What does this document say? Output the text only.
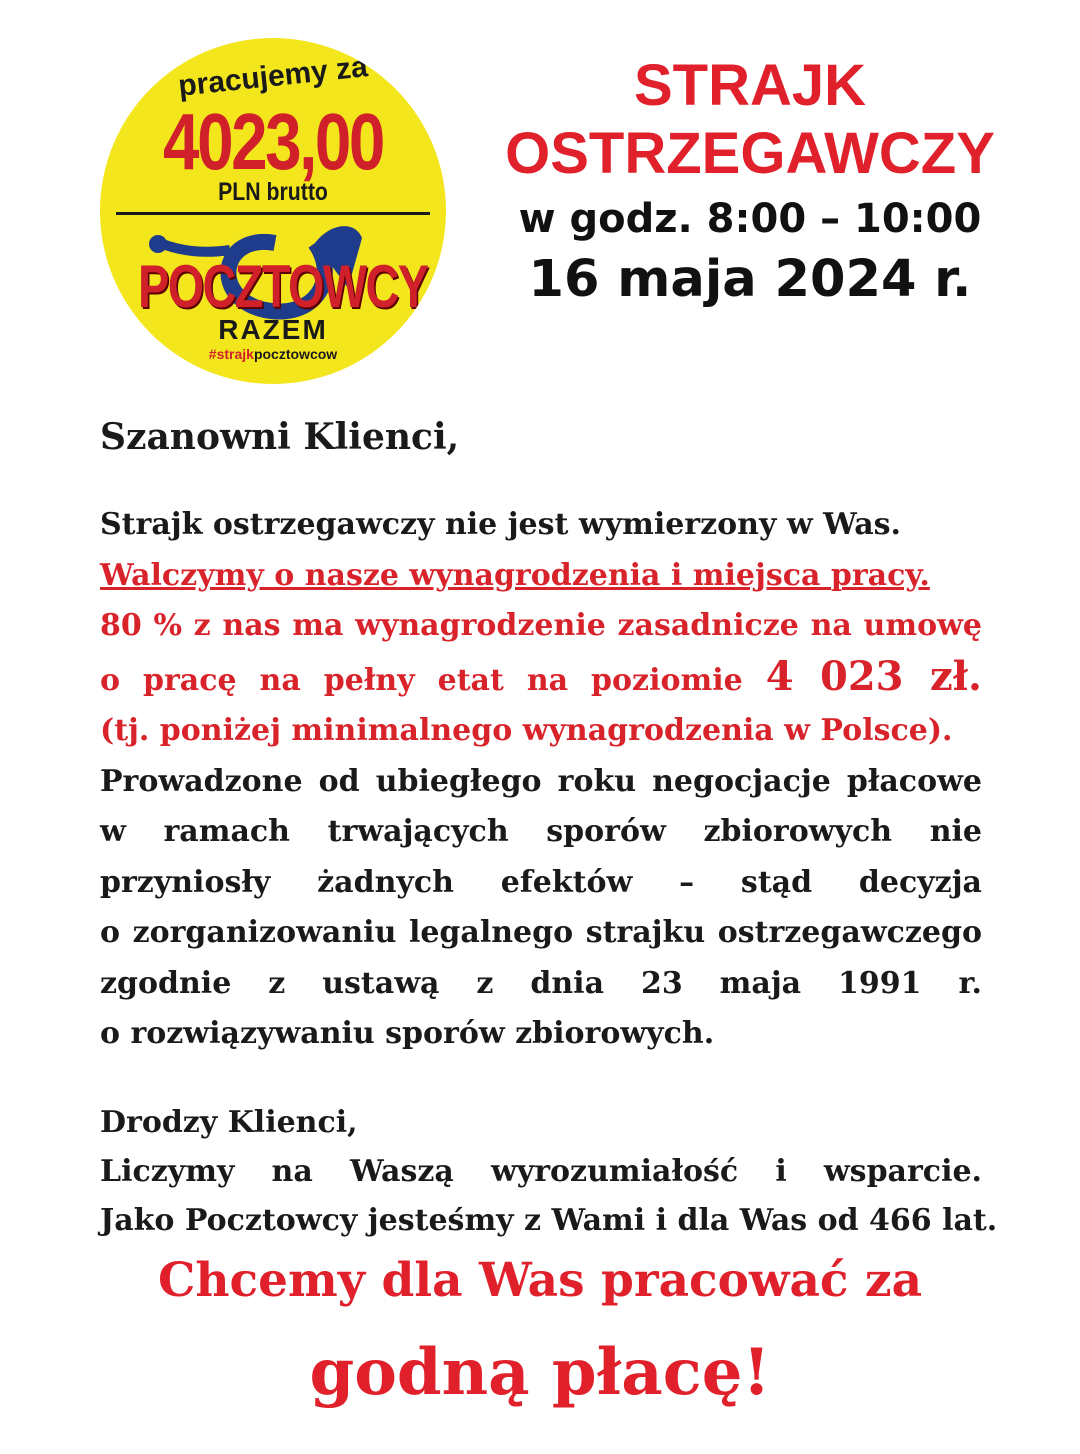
pracujemy za
4023,00
PLN brutto
POCZTOWCY
RAZEM
#strajkpocztowcow
STRAJK
OSTRZEGAWCZY
w godz. 8:00 – 10:00
16 maja 2024 r.
Szanowni Klienci,
Strajk ostrzegawczy nie jest wymierzony w Was.
Walczymy o nasze wynagrodzenia i miejsca pracy.
80 % z nas ma wynagrodzenie zasadnicze na umowę
o pracę na pełny etat na poziomie 4 023 zł.
(tj. poniżej minimalnego wynagrodzenia w Polsce).
Prowadzone od ubiegłego roku negocjacje płacowe
w ramach trwających sporów zbiorowych nie
przyniosły żadnych efektów – stąd decyzja
o zorganizowaniu legalnego strajku ostrzegawczego
zgodnie z ustawą z dnia 23 maja 1991 r.
o rozwiązywaniu sporów zbiorowych.
Drodzy Klienci,
Liczymy na Waszą wyrozumiałość i wsparcie.
Jako Pocztowcy jesteśmy z Wami i dla Was od 466 lat.
Chcemy dla Was pracować za
godną płacę!
